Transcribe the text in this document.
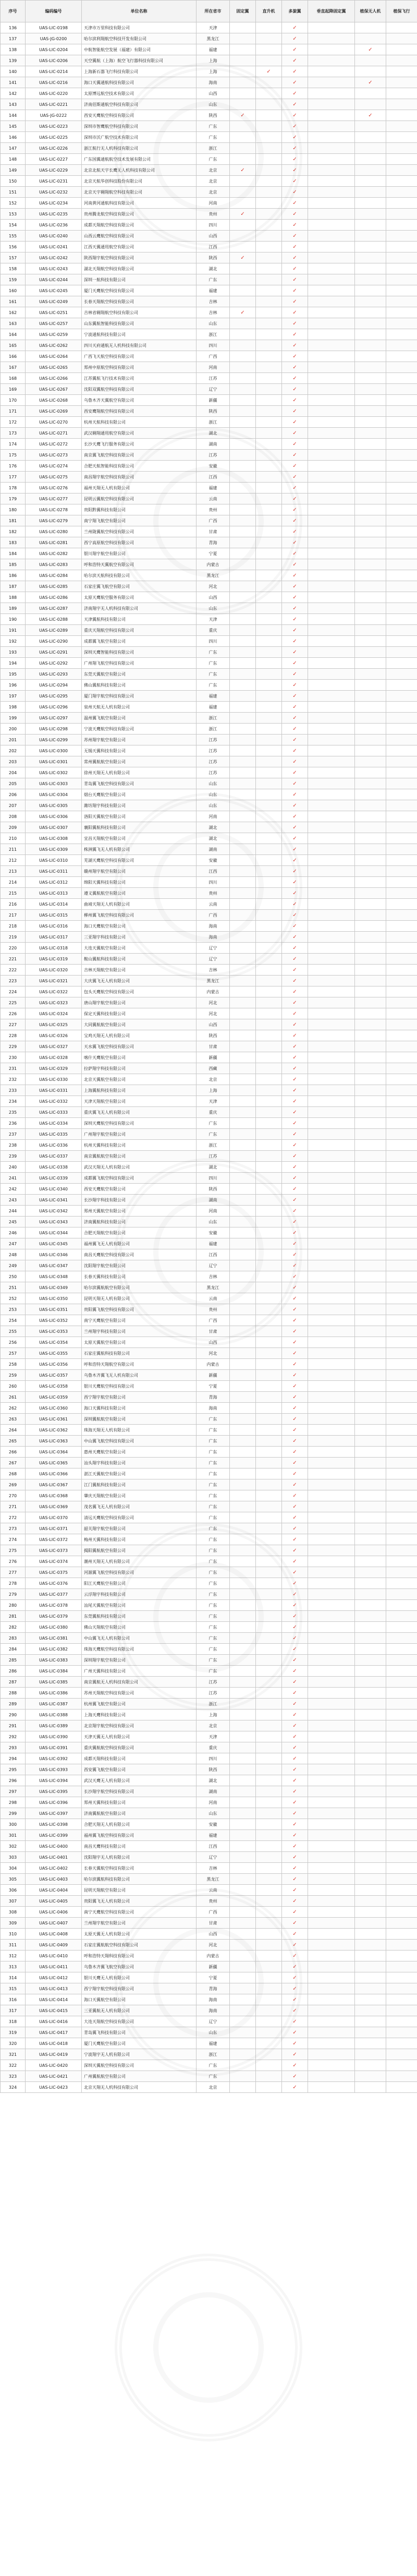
序号	编码编号	单位名称	所在省市	固定翼	直升机	多旋翼	垂直起降固定翼	植保无人机	植保飞行
136	UAS-LIC-0198	天津市万里科技有限公司	天津			✓			
137	UAS-JG-0200	哈尔滨利翔航空科技开发有限公司	黑龙江			✓			
138	UAS-LIC-0204	中航智能航空发展（福建）有限公司	福建			✓		✓	
139	UAS-LIC-0206	天空翼航（上海）航空飞行器科技有限公司	上海			✓			
140	UAS-LIC-0214	上海新石器飞行科技有限公司	上海		✓	✓			
141	UAS-LIC-0216	海口天翼通航科技有限公司	海南			✓		✓	
142	UAS-LIC-0220	太原博远航空技术有限公司	山西			✓			
143	UAS-LIC-0221	济南佰斯通航空科技有限公司	山东			✓			
144	UAS-JG-0222	西安天鹰航空科技有限公司	陕西	✓		✓		✓	
145	UAS-LIC-0223	深圳市智鹰航空科技有限公司	广东			✓			
146	UAS-LIC-0225	深圳市沃广航空技术有限公司	广东			✓			
147	UAS-LIC-0226	浙江航行无人机科技有限公司	浙江			✓			
148	UAS-LIC-0227	广东国翼通航航空技术发展有限公司	广东			✓			
149	UAS-LIC-0229	北京北航天宇长鹰无人机科技有限公司	北京	✓		✓			
150	UAS-LIC-0231	北京天航华创科技股份有限公司	北京			✓			
151	UAS-LIC-0232	北京天宇翱翔航空科技有限公司	北京			✓			
152	UAS-LIC-0234	河南黄河通航科技有限公司	河南			✓			
153	UAS-LIC-0235	贵州腾龙航空科技有限公司	贵州	✓		✓			
154	UAS-LIC-0236	成都天翔航空科技有限公司	四川			✓			
155	UAS-LIC-0240	山西云鹰航空科技有限公司	山西			✓			
156	UAS-LIC-0241	江西天翼通用航空有限公司	江西			✓			
157	UAS-LIC-0242	陕西翔宇航空科技有限公司	陕西	✓		✓			
158	UAS-LIC-0243	湖北天翔航空科技有限公司	湖北			✓			
159	UAS-LIC-0244	深圳一航科技有限公司	广东			✓			
160	UAS-LIC-0245	厦门天鹰航空科技有限公司	福建			✓			
161	UAS-LIC-0249	长春天翔航空科技有限公司	吉林			✓			
162	UAS-LIC-0251	吉林省翱翔航空科技有限公司	吉林	✓		✓			
163	UAS-LIC-0257	山东翼航智能科技有限公司	山东			✓			
164	UAS-LIC-0259	宁波通航科技有限公司	浙江			✓			
165	UAS-LIC-0262	四川天府通航无人机科技有限公司	四川			✓			
166	UAS-LIC-0264	广西飞天航空科技有限公司	广西			✓			
167	UAS-LIC-0265	郑州中原航空科技有限公司	河南			✓			
168	UAS-LIC-0266	江苏翼航飞行技术有限公司	江苏			✓			
169	UAS-LIC-0267	沈阳双翼航空科技有限公司	辽宁			✓			
170	UAS-LIC-0268	乌鲁木齐天翼航空有限公司	新疆			✓			
171	UAS-LIC-0269	西安鹰翔航空科技有限公司	陕西			✓			
172	UAS-LIC-0270	杭州天航科技有限公司	浙江			✓			
173	UAS-LIC-0271	武汉翱翔通用航空有限公司	湖北			✓			
174	UAS-LIC-0272	长沙天鹰飞行服务有限公司	湖南			✓			
175	UAS-LIC-0273	南京翼飞航空科技有限公司	江苏			✓			
176	UAS-LIC-0274	合肥天航智能科技有限公司	安徽			✓			
177	UAS-LIC-0275	南昌翔宇航空科技有限公司	江西			✓			
178	UAS-LIC-0276	福州天翔无人机有限公司	福建			✓			
179	UAS-LIC-0277	昆明云翼航空科技有限公司	云南			✓			
180	UAS-LIC-0278	贵阳黔翼科技有限公司	贵州			✓			
181	UAS-LIC-0279	南宁翔飞航空有限公司	广西			✓			
182	UAS-LIC-0280	兰州陇翼航空科技有限公司	甘肃			✓			
183	UAS-LIC-0281	西宁高原航空科技有限公司	青海			✓			
184	UAS-LIC-0282	银川翔宇航空有限公司	宁夏			✓			
185	UAS-LIC-0283	呼和浩特天翼航空有限公司	内蒙古			✓			
186	UAS-LIC-0284	哈尔滨天航科技有限公司	黑龙江			✓			
187	UAS-LIC-0285	石家庄翼飞航空有限公司	河北			✓			
188	UAS-LIC-0286	太原天鹰航空服务有限公司	山西			✓			
189	UAS-LIC-0287	济南翔宇无人机科技有限公司	山东			✓			
190	UAS-LIC-0288	天津翼航科技有限公司	天津			✓			
191	UAS-LIC-0289	重庆天翔航空科技有限公司	重庆			✓			
192	UAS-LIC-0290	成都翼飞航空有限公司	四川			✓			
193	UAS-LIC-0291	深圳天鹰智能科技有限公司	广东			✓			
194	UAS-LIC-0292	广州翔飞航空科技有限公司	广东			✓			
195	UAS-LIC-0293	东莞天翼航空有限公司	广东			✓			
196	UAS-LIC-0294	佛山翼航科技有限公司	广东			✓			
197	UAS-LIC-0295	厦门翔宇航空科技有限公司	福建			✓			
198	UAS-LIC-0296	泉州天航无人机有限公司	福建			✓			
199	UAS-LIC-0297	温州翼飞航空有限公司	浙江			✓			
200	UAS-LIC-0298	宁波天鹰航空科技有限公司	浙江			✓			
201	UAS-LIC-0299	苏州翔宇航空有限公司	江苏			✓			
202	UAS-LIC-0300	无锡天翼科技有限公司	江苏			✓			
203	UAS-LIC-0301	常州翼航航空有限公司	江苏			✓			
204	UAS-LIC-0302	徐州天翔无人机有限公司	江苏			✓			
205	UAS-LIC-0303	青岛翼飞航空科技有限公司	山东			✓			
206	UAS-LIC-0304	烟台天鹰航空有限公司	山东			✓			
207	UAS-LIC-0305	潍坊翔宇科技有限公司	山东			✓			
208	UAS-LIC-0306	洛阳天翼航空有限公司	河南			✓			
209	UAS-LIC-0307	襄阳翼航科技有限公司	湖北			✓			
210	UAS-LIC-0308	宜昌天翔航空有限公司	湖北			✓			
211	UAS-LIC-0309	株洲翼飞无人机有限公司	湖南			✓			
212	UAS-LIC-0310	芜湖天鹰航空科技有限公司	安徽			✓			
213	UAS-LIC-0311	赣州翔宇航空有限公司	江西			✓			
214	UAS-LIC-0312	绵阳天翼科技有限公司	四川			✓			
215	UAS-LIC-0313	遵义翼航航空有限公司	贵州			✓			
216	UAS-LIC-0314	曲靖天翔无人机有限公司	云南			✓			
217	UAS-LIC-0315	柳州翼飞航空科技有限公司	广西			✓			
218	UAS-LIC-0316	海口天鹰航空有限公司	海南			✓			
219	UAS-LIC-0317	三亚翔宇科技有限公司	海南			✓			
220	UAS-LIC-0318	大连天翼航空有限公司	辽宁			✓			
221	UAS-LIC-0319	鞍山翼航科技有限公司	辽宁			✓			
222	UAS-LIC-0320	吉林天翔航空有限公司	吉林			✓			
223	UAS-LIC-0321	大庆翼飞无人机有限公司	黑龙江			✓			
224	UAS-LIC-0322	包头天鹰航空科技有限公司	内蒙古			✓			
225	UAS-LIC-0323	唐山翔宇航空有限公司	河北			✓			
226	UAS-LIC-0324	保定天翼科技有限公司	河北			✓			
227	UAS-LIC-0325	大同翼航航空有限公司	山西			✓			
228	UAS-LIC-0326	宝鸡天翔无人机有限公司	陕西			✓			
229	UAS-LIC-0327	天水翼飞航空科技有限公司	甘肃			✓			
230	UAS-LIC-0328	喀什天鹰航空有限公司	新疆			✓			
231	UAS-LIC-0329	拉萨翔宇科技有限公司	西藏			✓			
232	UAS-LIC-0330	北京天翼航空有限公司	北京			✓			
233	UAS-LIC-0331	上海翼航科技有限公司	上海			✓			
234	UAS-LIC-0332	天津天翔航空有限公司	天津			✓			
235	UAS-LIC-0333	重庆翼飞无人机有限公司	重庆			✓			
236	UAS-LIC-0334	深圳天鹰航空科技有限公司	广东			✓			
237	UAS-LIC-0335	广州翔宇航空有限公司	广东			✓			
238	UAS-LIC-0336	杭州天翼科技有限公司	浙江			✓			
239	UAS-LIC-0337	南京翼航航空有限公司	江苏			✓			
240	UAS-LIC-0338	武汉天翔无人机有限公司	湖北			✓			
241	UAS-LIC-0339	成都翼飞航空科技有限公司	四川			✓			
242	UAS-LIC-0340	西安天鹰航空有限公司	陕西			✓			
243	UAS-LIC-0341	长沙翔宇科技有限公司	湖南			✓			
244	UAS-LIC-0342	郑州天翼航空有限公司	河南			✓			
245	UAS-LIC-0343	济南翼航科技有限公司	山东			✓			
246	UAS-LIC-0344	合肥天翔航空有限公司	安徽			✓			
247	UAS-LIC-0345	福州翼飞无人机有限公司	福建			✓			
248	UAS-LIC-0346	南昌天鹰航空科技有限公司	江西			✓			
249	UAS-LIC-0347	沈阳翔宇航空有限公司	辽宁			✓			
250	UAS-LIC-0348	长春天翼科技有限公司	吉林			✓			
251	UAS-LIC-0349	哈尔滨翼航航空有限公司	黑龙江			✓			
252	UAS-LIC-0350	昆明天翔无人机有限公司	云南			✓			
253	UAS-LIC-0351	贵阳翼飞航空科技有限公司	贵州			✓			
254	UAS-LIC-0352	南宁天鹰航空有限公司	广西			✓			
255	UAS-LIC-0353	兰州翔宇科技有限公司	甘肃			✓			
256	UAS-LIC-0354	太原天翼航空有限公司	山西			✓			
257	UAS-LIC-0355	石家庄翼航科技有限公司	河北			✓			
258	UAS-LIC-0356	呼和浩特天翔航空有限公司	内蒙古			✓			
259	UAS-LIC-0357	乌鲁木齐翼飞无人机有限公司	新疆			✓			
260	UAS-LIC-0358	银川天鹰航空科技有限公司	宁夏			✓			
261	UAS-LIC-0359	西宁翔宇航空有限公司	青海			✓			
262	UAS-LIC-0360	海口天翼科技有限公司	海南			✓			
263	UAS-LIC-0361	深圳翼航航空有限公司	广东			✓			
264	UAS-LIC-0362	珠海天翔无人机有限公司	广东			✓			
265	UAS-LIC-0363	中山翼飞航空科技有限公司	广东			✓			
266	UAS-LIC-0364	惠州天鹰航空有限公司	广东			✓			
267	UAS-LIC-0365	汕头翔宇科技有限公司	广东			✓			
268	UAS-LIC-0366	湛江天翼航空有限公司	广东			✓			
269	UAS-LIC-0367	江门翼航科技有限公司	广东			✓			
270	UAS-LIC-0368	肇庆天翔航空有限公司	广东			✓			
271	UAS-LIC-0369	茂名翼飞无人机有限公司	广东			✓			
272	UAS-LIC-0370	清远天鹰航空科技有限公司	广东			✓			
273	UAS-LIC-0371	韶关翔宇航空有限公司	广东			✓			
274	UAS-LIC-0372	梅州天翼科技有限公司	广东			✓			
275	UAS-LIC-0373	揭阳翼航航空有限公司	广东			✓			
276	UAS-LIC-0374	潮州天翔无人机有限公司	广东			✓			
277	UAS-LIC-0375	河源翼飞航空科技有限公司	广东			✓			
278	UAS-LIC-0376	阳江天鹰航空有限公司	广东			✓			
279	UAS-LIC-0377	云浮翔宇科技有限公司	广东			✓			
280	UAS-LIC-0378	汕尾天翼航空有限公司	广东			✓			
281	UAS-LIC-0379	东莞翼航科技有限公司	广东			✓			
282	UAS-LIC-0380	佛山天翔航空有限公司	广东			✓			
283	UAS-LIC-0381	中山翼飞无人机有限公司	广东			✓			
284	UAS-LIC-0382	珠海天鹰航空科技有限公司	广东			✓			
285	UAS-LIC-0383	深圳翔宇航空有限公司	广东			✓			
286	UAS-LIC-0384	广州天翼科技有限公司	广东			✓			
287	UAS-LIC-0385	南京翼航无人机科技有限公司	江苏			✓			
288	UAS-LIC-0386	苏州天翔航空科技有限公司	江苏			✓			
289	UAS-LIC-0387	杭州翼飞航空有限公司	浙江			✓			
290	UAS-LIC-0388	上海天鹰科技有限公司	上海			✓			
291	UAS-LIC-0389	北京翔宇航空科技有限公司	北京			✓			
292	UAS-LIC-0390	天津天翼无人机有限公司	天津			✓			
293	UAS-LIC-0391	重庆翼航航空科技有限公司	重庆			✓			
294	UAS-LIC-0392	成都天翔科技有限公司	四川			✓			
295	UAS-LIC-0393	西安翼飞航空有限公司	陕西			✓			
296	UAS-LIC-0394	武汉天鹰无人机有限公司	湖北			✓			
297	UAS-LIC-0395	长沙翔宇航空科技有限公司	湖南			✓			
298	UAS-LIC-0396	郑州天翼科技有限公司	河南			✓			
299	UAS-LIC-0397	济南翼航航空有限公司	山东			✓			
300	UAS-LIC-0398	合肥天翔无人机有限公司	安徽			✓			
301	UAS-LIC-0399	福州翼飞航空科技有限公司	福建			✓			
302	UAS-LIC-0400	南昌天鹰科技有限公司	江西			✓			
303	UAS-LIC-0401	沈阳翔宇无人机有限公司	辽宁			✓			
304	UAS-LIC-0402	长春天翼航空科技有限公司	吉林			✓			
305	UAS-LIC-0403	哈尔滨翼航科技有限公司	黑龙江			✓			
306	UAS-LIC-0404	昆明天翔航空有限公司	云南			✓			
307	UAS-LIC-0405	贵阳翼飞无人机有限公司	贵州			✓			
308	UAS-LIC-0406	南宁天鹰航空科技有限公司	广西			✓			
309	UAS-LIC-0407	兰州翔宇航空有限公司	甘肃			✓			
310	UAS-LIC-0408	太原天翼无人机有限公司	山西			✓			
311	UAS-LIC-0409	石家庄翼航航空科技有限公司	河北			✓			
312	UAS-LIC-0410	呼和浩特天翔科技有限公司	内蒙古			✓			
313	UAS-LIC-0411	乌鲁木齐翼飞航空有限公司	新疆			✓			
314	UAS-LIC-0412	银川天鹰无人机有限公司	宁夏			✓			
315	UAS-LIC-0413	西宁翔宇航空科技有限公司	青海			✓			
316	UAS-LIC-0414	海口天翼航空有限公司	海南			✓			
317	UAS-LIC-0415	三亚翼航无人机有限公司	海南			✓			
318	UAS-LIC-0416	大连天翔航空科技有限公司	辽宁			✓			
319	UAS-LIC-0417	青岛翼飞科技有限公司	山东			✓			
320	UAS-LIC-0418	厦门天鹰航空有限公司	福建			✓			
321	UAS-LIC-0419	宁波翔宇无人机有限公司	浙江			✓			
322	UAS-LIC-0420	深圳天翼航空科技有限公司	广东			✓			
323	UAS-LIC-0421	广州翼航航空有限公司	广东			✓			
324	UAS-LIC-0423	北京天翔无人机科技有限公司	北京			✓			
